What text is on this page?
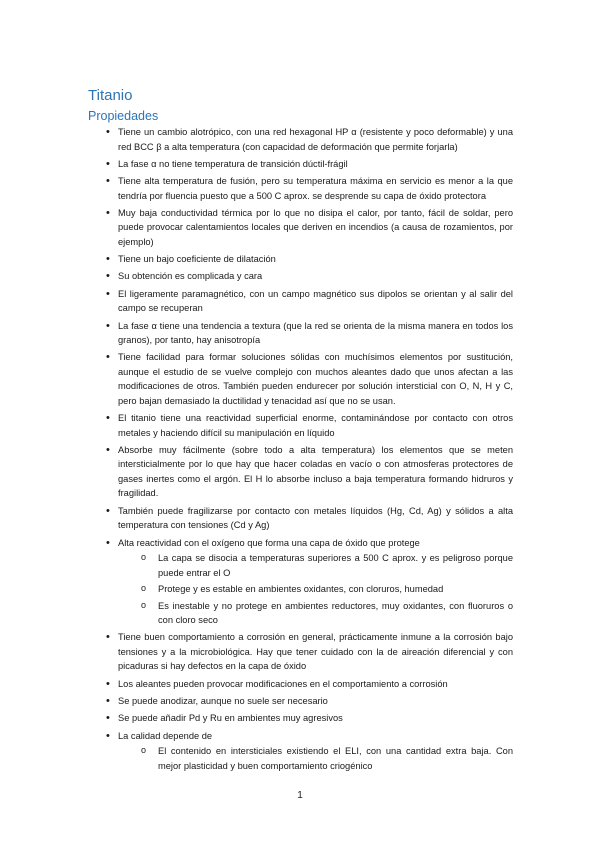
Titanio
Propiedades
• Tiene un cambio alotrópico, con una red hexagonal HP α (resistente y poco deformable) y una red BCC β a alta temperatura (con capacidad de deformación que permite forjarla)
• La fase α no tiene temperatura de transición dúctil-frágil
• Tiene alta temperatura de fusión, pero su temperatura máxima en servicio es menor a la que tendría por fluencia puesto que a 500 C aprox. se desprende su capa de óxido protectora
• Muy baja conductividad térmica por lo que no disipa el calor, por tanto, fácil de soldar, pero puede provocar calentamientos locales que deriven en incendios (a causa de rozamientos, por ejemplo)
• Tiene un bajo coeficiente de dilatación
• Su obtención es complicada y cara
• El ligeramente paramagnético, con un campo magnético sus dipolos se orientan y al salir del campo se recuperan
• La fase α tiene una tendencia a textura (que la red se orienta de la misma manera en todos los granos), por tanto, hay anisotropía
• Tiene facilidad para formar soluciones sólidas con muchísimos elementos por sustitución, aunque el estudio de se vuelve complejo con muchos aleantes dado que unos afectan a las modificaciones de otros. También pueden endurecer por solución intersticial con O, N, H y C, pero bajan demasiado la ductilidad y tenacidad así que no se usan.
• El titanio tiene una reactividad superficial enorme, contaminándose por contacto con otros metales y haciendo difícil su manipulación en líquido
• Absorbe muy fácilmente (sobre todo a alta temperatura) los elementos que se meten intersticialmente por lo que hay que hacer coladas en vacío o con atmosferas protectores de gases inertes como el argón. El H lo absorbe incluso a baja temperatura formando hidruros y fragilidad.
• También puede fragilizarse por contacto con metales líquidos (Hg, Cd, Ag) y sólidos a alta temperatura con tensiones (Cd y Ag)
• Alta reactividad con el oxígeno que forma una capa de óxido que protege
o La capa se disocia a temperaturas superiores a 500 C aprox. y es peligroso porque puede entrar el O
o Protege y es estable en ambientes oxidantes, con cloruros, humedad
o Es inestable y no protege en ambientes reductores, muy oxidantes, con fluoruros o con cloro seco
• Tiene buen comportamiento a corrosión en general, prácticamente inmune a la corrosión bajo tensiones y a la microbiológica. Hay que tener cuidado con la de aireación diferencial y con picaduras si hay defectos en la capa de óxido
• Los aleantes pueden provocar modificaciones en el comportamiento a corrosión
• Se puede anodizar, aunque no suele ser necesario
• Se puede añadir Pd y Ru en ambientes muy agresivos
• La calidad depende de
o El contenido en intersticiales existiendo el ELI, con una cantidad extra baja. Con mejor plasticidad y buen comportamiento criogénico
1
